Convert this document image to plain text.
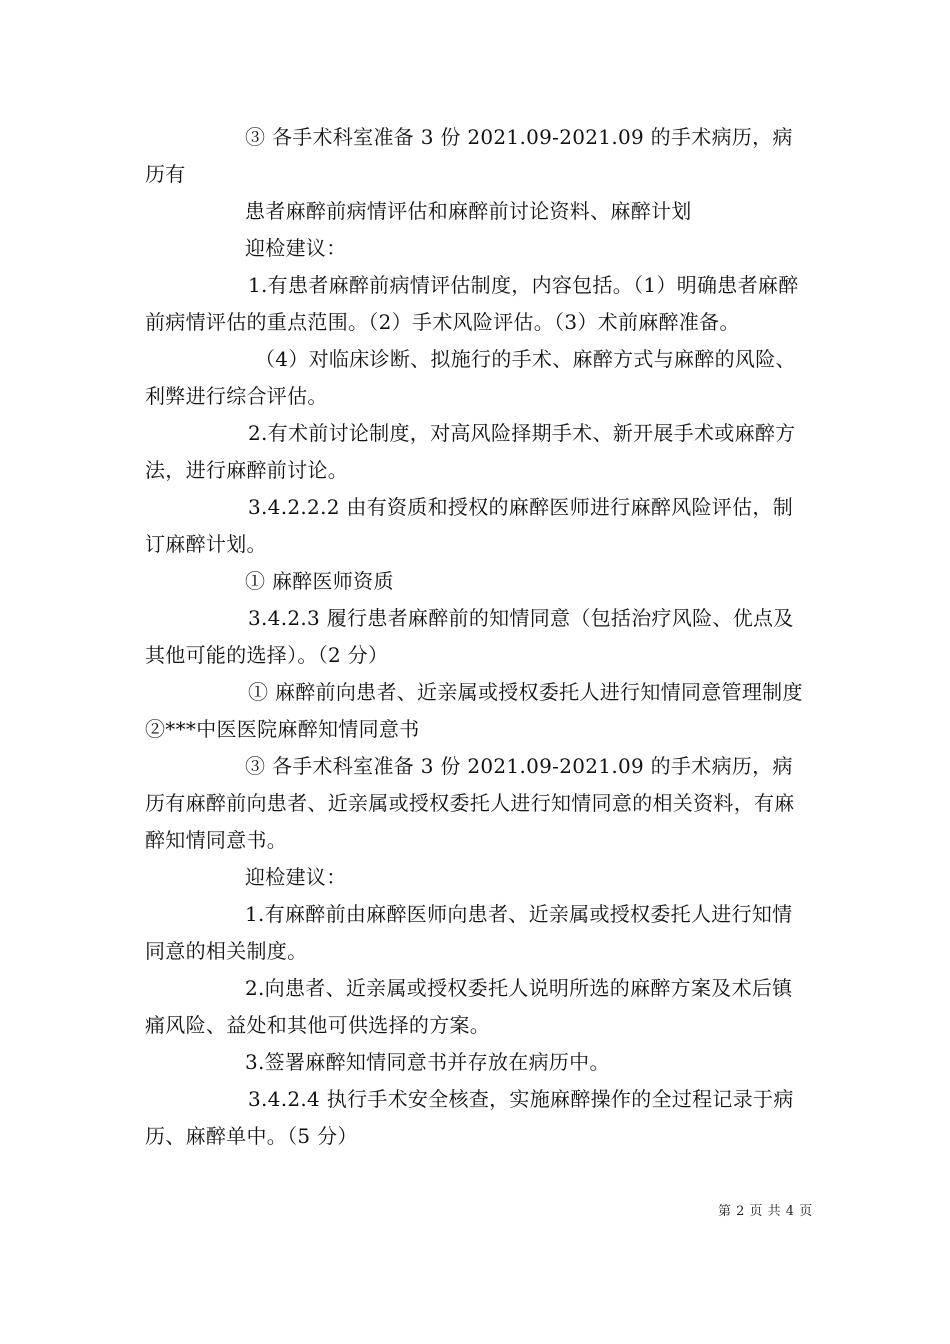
③ 各手术科室准备 3 份 2021.09-2021.09 的手术病历，病历有

患者麻醉前病情评估和麻醉前讨论资料、麻醉计划

迎检建议：

1.有患者麻醉前病情评估制度，内容包括。（1）明确患者麻醉前病情评估的重点范围。（2）手术风险评估。（3）术前麻醉准备。

（4）对临床诊断、拟施行的手术、麻醉方式与麻醉的风险、利弊进行综合评估。

2.有术前讨论制度，对高风险择期手术、新开展手术或麻醉方法，进行麻醉前讨论。

3.4.2.2.2 由有资质和授权的麻醉医师进行麻醉风险评估，制订麻醉计划。

① 麻醉医师资质

3.4.2.3 履行患者麻醉前的知情同意（包括治疗风险、优点及其他可能的选择）。（2 分）

① 麻醉前向患者、近亲属或授权委托人进行知情同意管理制度②***中医医院麻醉知情同意书

③ 各手术科室准备 3 份 2021.09-2021.09 的手术病历，病历有麻醉前向患者、近亲属或授权委托人进行知情同意的相关资料，有麻醉知情同意书。

迎检建议：

1.有麻醉前由麻醉医师向患者、近亲属或授权委托人进行知情同意的相关制度。

2.向患者、近亲属或授权委托人说明所选的麻醉方案及术后镇痛风险、益处和其他可供选择的方案。

3.签署麻醉知情同意书并存放在病历中。

3.4.2.4 执行手术安全核查，实施麻醉操作的全过程记录于病历、麻醉单中。（5 分）

第 2 页 共 4 页
